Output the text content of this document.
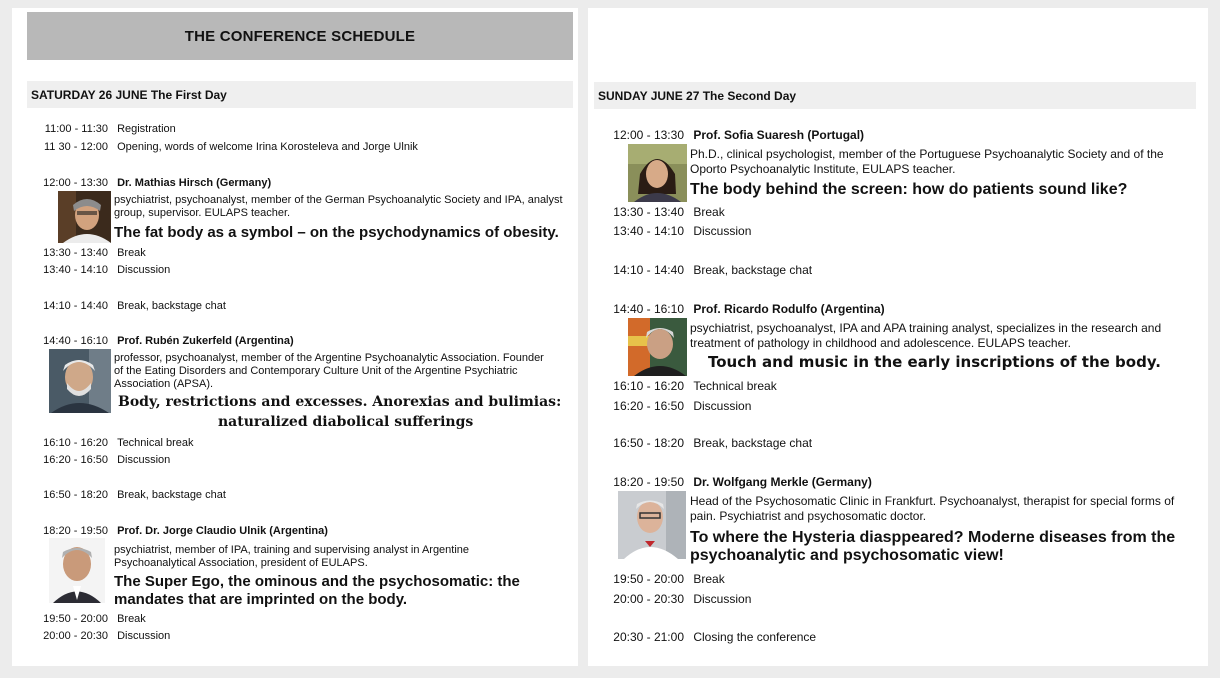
THE CONFERENCE SCHEDULE
SATURDAY 26 JUNE The First Day
11:00 - 11:30 Registration
11 30 - 12:00 Opening, words of welcome Irina Korosteleva and Jorge Ulnik
12:00 - 13:30 Dr. Mathias Hirsch (Germany)
psychiatrist, psychoanalyst, member of the German Psychoanalytic Society and IPA, analyst group, supervisor. EULAPS teacher.
The fat body as a symbol – on the psychodynamics of obesity.
13:30 - 13:40 Break
13:40 - 14:10 Discussion
14:10 - 14:40 Break, backstage chat
14:40 - 16:10 Prof. Rubén Zukerfeld (Argentina)
professor, psychoanalyst, member of the Argentine Psychoanalytic Association. Founder of the Eating Disorders and Contemporary Culture Unit of the Argentine Psychiatric Association (APSA).
Body, restrictions and excesses. Anorexias and bulimias:
naturalized diabolical sufferings
16:10 - 16:20 Technical break
16:20 - 16:50 Discussion
16:50 - 18:20 Break, backstage chat
18:20 - 19:50 Prof. Dr. Jorge Claudio Ulnik (Argentina)
psychiatrist, member of IPA, training and supervising analyst in Argentine Psychoanalytical Association, president of EULAPS.
The Super Ego, the ominous and the psychosomatic: the mandates that are imprinted on the body.
19:50 - 20:00 Break
20:00 - 20:30 Discussion
SUNDAY JUNE 27 The Second Day
12:00 - 13:30 Prof. Sofia Suaresh (Portugal)
Ph.D., clinical psychologist, member of the Portuguese Psychoanalytic Society and of the Oporto Psychoanalytic Institute, EULAPS teacher.
The body behind the screen: how do patients sound like?
13:30 - 13:40 Break
13:40 - 14:10 Discussion
14:10 - 14:40 Break, backstage chat
14:40 - 16:10 Prof. Ricardo Rodulfo (Argentina)
psychiatrist, psychoanalyst, IPA and APA training analyst, specializes in the research and treatment of pathology in childhood and adolescence. EULAPS teacher.
Touch and music in the early inscriptions of the body.
16:10 - 16:20 Technical break
16:20 - 16:50 Discussion
16:50 - 18:20 Break, backstage chat
18:20 - 19:50 Dr. Wolfgang Merkle (Germany)
Head of the Psychosomatic Clinic in Frankfurt. Psychoanalyst, therapist for special forms of pain. Psychiatrist and psychosomatic doctor.
To where the Hysteria diasppeared? Moderne diseases from the psychoanalytic and psychosomatic view!
19:50 - 20:00 Break
20:00 - 20:30 Discussion
20:30 - 21:00 Closing the conference
